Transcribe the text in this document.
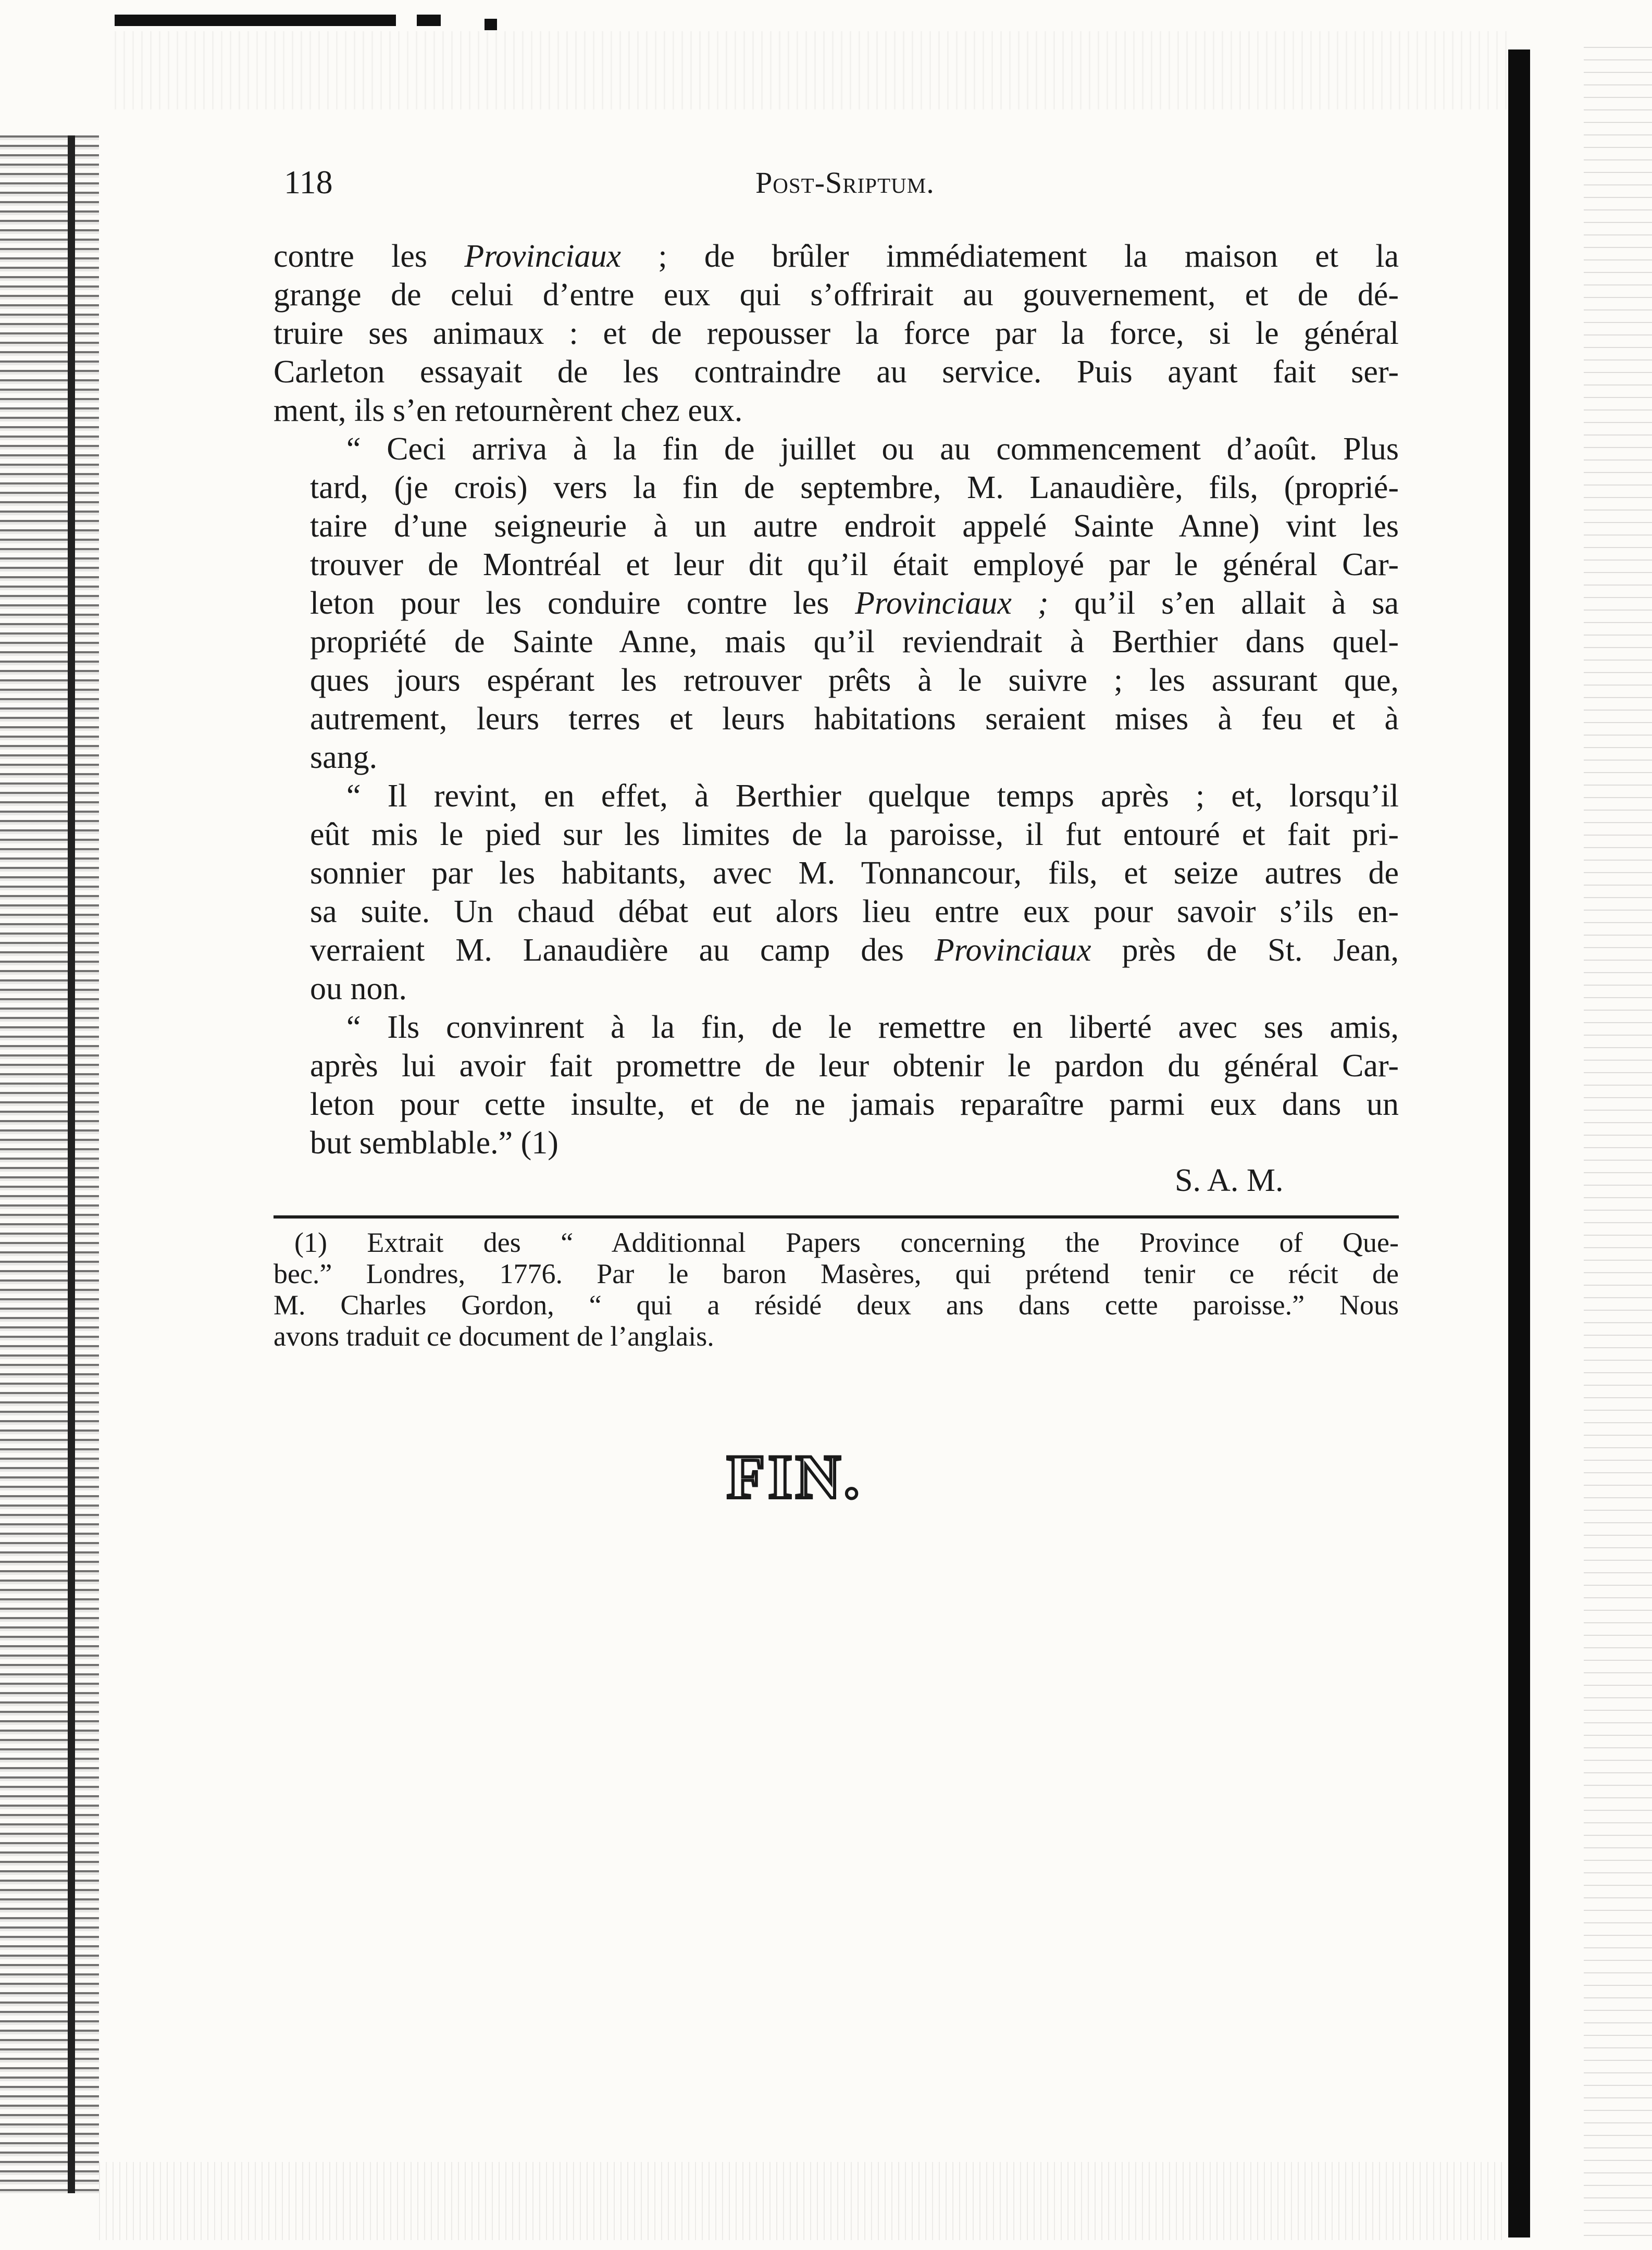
118	Post-Sriptum.
contre les Provinciaux ; de brûler immédiatement la maison et la
grange de celui d’entre eux qui s’offrirait au gouvernement, et de dé-
truire ses animaux : et de repousser la force par la force, si le général
Carleton essayait de les contraindre au service. Puis ayant fait ser-
ment, ils s’en retournèrent chez eux.
“ Ceci arriva à la fin de juillet ou au commencement d’août. Plus
tard, (je crois) vers la fin de septembre, M. Lanaudière, fils, (proprié-
taire d’une seigneurie à un autre endroit appelé Sainte Anne) vint les
trouver de Montréal et leur dit qu’il était employé par le général Car-
leton pour les conduire contre les Provinciaux ; qu’il s’en allait à sa
propriété de Sainte Anne, mais qu’il reviendrait à Berthier dans quel-
ques jours espérant les retrouver prêts à le suivre ; les assurant que,
autrement, leurs terres et leurs habitations seraient mises à feu et à
sang.
“ Il revint, en effet, à Berthier quelque temps après ; et, lorsqu’il
eût mis le pied sur les limites de la paroisse, il fut entouré et fait pri-
sonnier par les habitants, avec M. Tonnancour, fils, et seize autres de
sa suite. Un chaud débat eut alors lieu entre eux pour savoir s’ils en-
verraient M. Lanaudière au camp des Provinciaux près de St. Jean,
ou non.
“ Ils convinrent à la fin, de le remettre en liberté avec ses amis,
après lui avoir fait promettre de leur obtenir le pardon du général Car-
leton pour cette insulte, et de ne jamais reparaître parmi eux dans un
but semblable.” (1)
S. A. M.
(1) Extrait des “ Additionnal Papers concerning the Province of Que-
bec.” Londres, 1776. Par le baron Masères, qui prétend tenir ce récit de
M. Charles Gordon, “ qui a résidé deux ans dans cette paroisse.” Nous
avons traduit ce document de l’anglais.
FIN.
